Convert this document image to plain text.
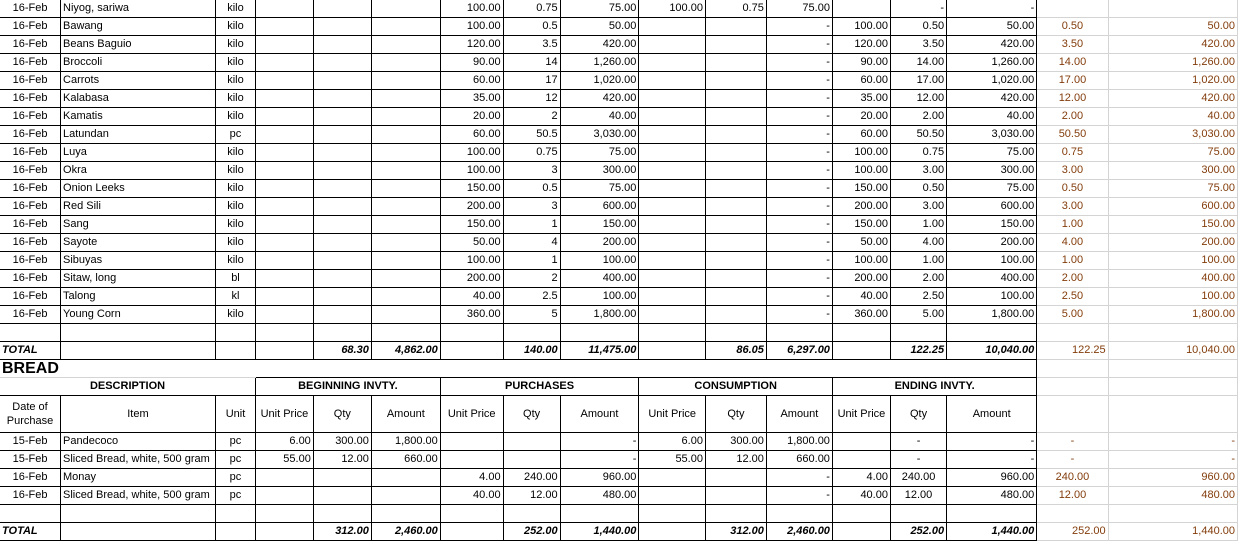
16-Feb	Niyog, sariwa	kilo				100.00	0.75	75.00	100.00	0.75	75.00		-	-		
16-Feb	Bawang	kilo				100.00	0.5	50.00			-	100.00	0.50	50.00	0.50	50.00
16-Feb	Beans Baguio	kilo				120.00	3.5	420.00			-	120.00	3.50	420.00	3.50	420.00
16-Feb	Broccoli	kilo				90.00	14	1,260.00			-	90.00	14.00	1,260.00	14.00	1,260.00
16-Feb	Carrots	kilo				60.00	17	1,020.00			-	60.00	17.00	1,020.00	17.00	1,020.00
16-Feb	Kalabasa	kilo				35.00	12	420.00			-	35.00	12.00	420.00	12.00	420.00
16-Feb	Kamatis	kilo				20.00	2	40.00			-	20.00	2.00	40.00	2.00	40.00
16-Feb	Latundan	pc				60.00	50.5	3,030.00			-	60.00	50.50	3,030.00	50.50	3,030.00
16-Feb	Luya	kilo				100.00	0.75	75.00			-	100.00	0.75	75.00	0.75	75.00
16-Feb	Okra	kilo				100.00	3	300.00			-	100.00	3.00	300.00	3.00	300.00
16-Feb	Onion Leeks	kilo				150.00	0.5	75.00			-	150.00	0.50	75.00	0.50	75.00
16-Feb	Red Sili	kilo				200.00	3	600.00			-	200.00	3.00	600.00	3.00	600.00
16-Feb	Sang	kilo				150.00	1	150.00			-	150.00	1.00	150.00	1.00	150.00
16-Feb	Sayote	kilo				50.00	4	200.00			-	50.00	4.00	200.00	4.00	200.00
16-Feb	Sibuyas	kilo				100.00	1	100.00			-	100.00	1.00	100.00	1.00	100.00
16-Feb	Sitaw, long	bl				200.00	2	400.00			-	200.00	2.00	400.00	2.00	400.00
16-Feb	Talong	kl				40.00	2.5	100.00			-	40.00	2.50	100.00	2.50	100.00
16-Feb	Young Corn	kilo				360.00	5	1,800.00			-	360.00	5.00	1,800.00	5.00	1,800.00

TOTAL				68.30	4,862.00		140.00	11,475.00		86.05	6,297.00		122.25	10,040.00	122.25	10,040.00
BREAD																
DESCRIPTION			BEGINNING INVTY.			PURCHASES			CONSUMPTION			ENDING INVTY.				
Date of Purchase	Item	Unit	Unit Price	Qty	Amount	Unit Price	Qty	Amount	Unit Price	Qty	Amount	Unit Price	Qty	Amount		
15-Feb	Pandecoco	pc	6.00	300.00	1,800.00			-	6.00	300.00	1,800.00		-	-	-	-
15-Feb	Sliced Bread, white, 500 gram	pc	55.00	12.00	660.00			-	55.00	12.00	660.00		-	-	-	-
16-Feb	Monay	pc				4.00	240.00	960.00			-	4.00	240.00	960.00	240.00	960.00
16-Feb	Sliced Bread, white, 500 gram	pc				40.00	12.00	480.00			-	40.00	12.00	480.00	12.00	480.00

TOTAL				312.00	2,460.00		252.00	1,440.00		312.00	2,460.00		252.00	1,440.00	252.00	1,440.00
